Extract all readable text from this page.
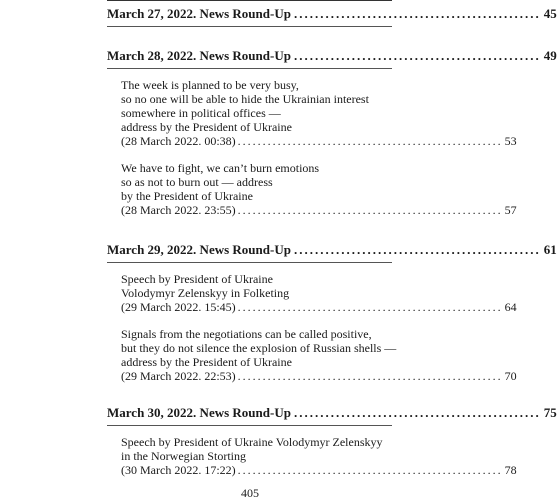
March 27, 2022. News Round-Up ............................................... 45
March 28, 2022. News Round-Up ............................................... 49
The week is planned to be very busy,
so no one will be able to hide the Ukrainian interest
somewhere in political offices —
address by the President of Ukraine
(28 March 2022. 00:38) ..................................................... 53
We have to fight, we can’t burn emotions
so as not to burn out — address
by the President of Ukraine
(28 March 2022. 23:55) ..................................................... 57
March 29, 2022. News Round-Up ............................................... 61
Speech by President of Ukraine
Volodymyr Zelenskyy in Folketing
(29 March 2022. 15:45) ..................................................... 64
Signals from the negotiations can be called positive,
but they do not silence the explosion of Russian shells —
address by the President of Ukraine
(29 March 2022. 22:53) ..................................................... 70
March 30, 2022. News Round-Up ............................................... 75
Speech by President of Ukraine Volodymyr Zelenskyy
in the Norwegian Storting
(30 March 2022. 17:22) ..................................................... 78
405
